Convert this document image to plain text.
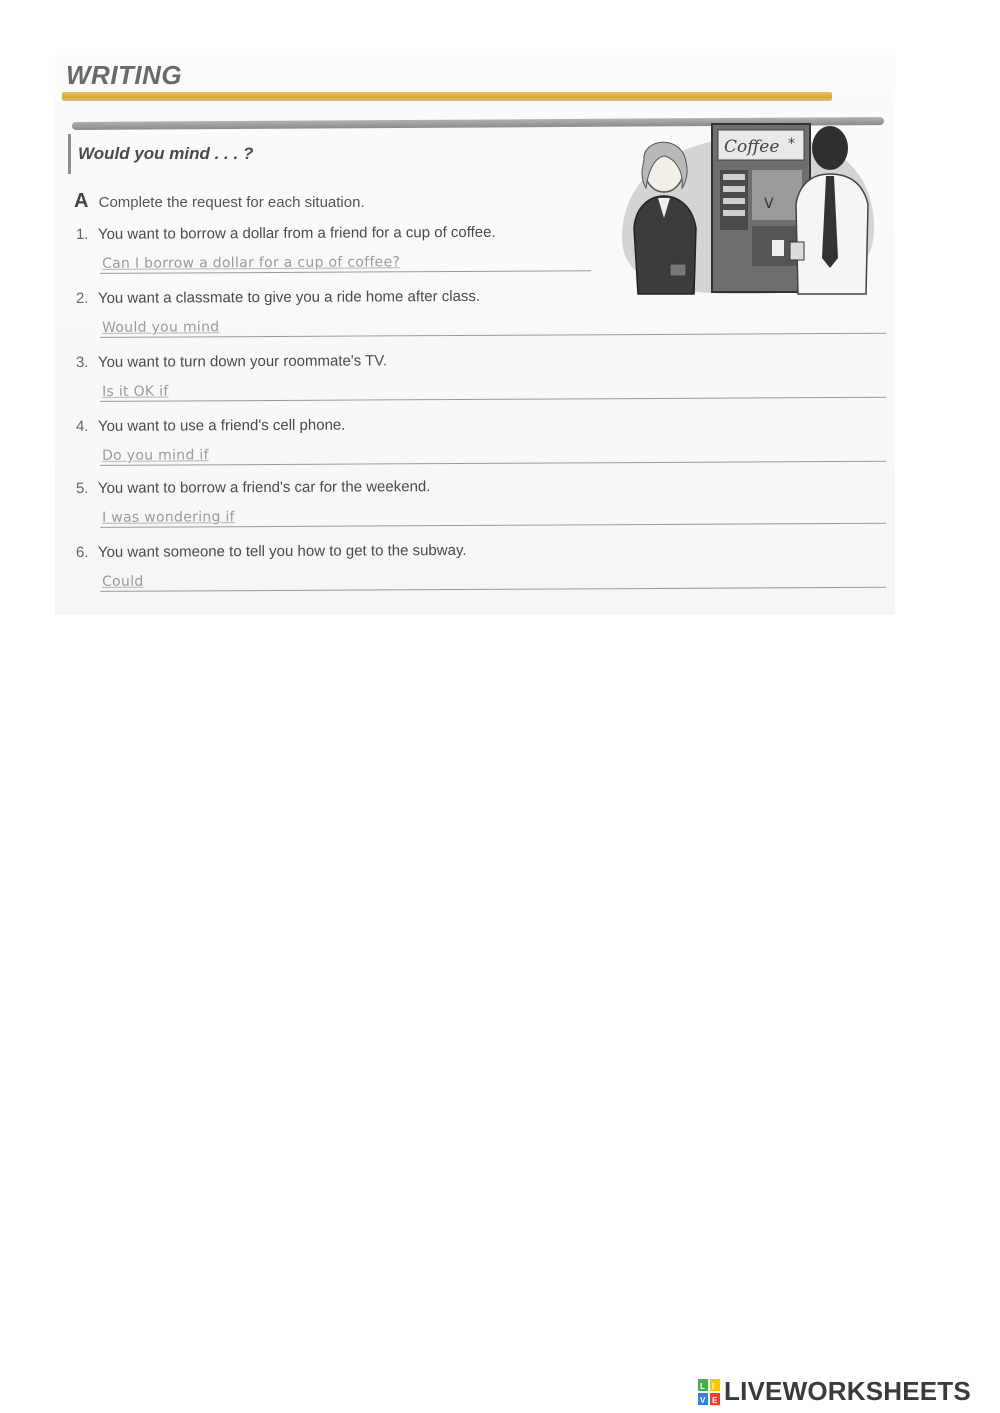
WRITING
Would you mind . . . ?
A Complete the request for each situation.
1. You want to borrow a dollar from a friend for a cup of coffee.
Can I borrow a dollar for a cup of coffee?
2. You want a classmate to give you a ride home after class.
Would you mind
3. You want to turn down your roommate's TV.
Is it OK if
4. You want to use a friend's cell phone.
Do you mind if
5. You want to borrow a friend's car for the weekend.
I was wondering if
6. You want someone to tell you how to get to the subway.
Could
Coffee *
V
L I
V E LIVEWORKSHEETS
